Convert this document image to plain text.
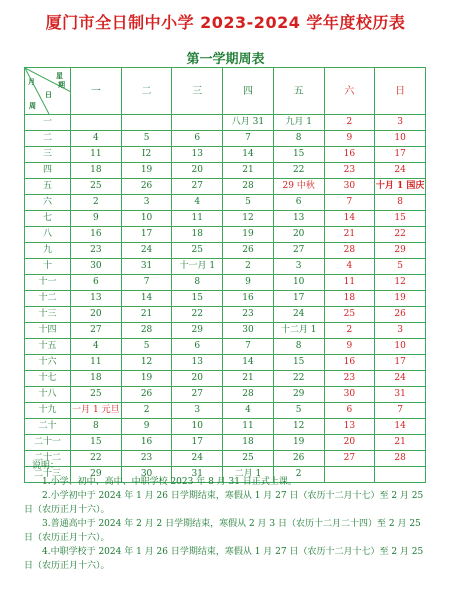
厦门市全日制中小学 2023-2024 学年度校历表
第一学期周表
月
星
期
日
周	一	二	三	四	五	六	日
一				八月 31	九月 1	2	3
二	4	5	6	7	8	9	10
三	11	Ⅰ2	13	14	15	16	17
四	18	19	20	21	22	23	24
五	25	26	27	28	29 中秋	30	十月 1 国庆
六	2	3	4	5	6	7	8
七	9	10	11	12	13	14	15
八	16	17	18	19	20	21	22
九	23	24	25	26	27	28	29
十	30	31	十一月 1	2	3	4	5
十一	6	7	8	9	10	11	12
十二	13	14	15	16	17	18	19
十三	20	21	22	23	24	25	26
十四	27	28	29	30	十二月 1	2	3
十五	4	5	6	7	8	9	10
十六	11	12	13	14	15	16	17
十七	18	19	20	21	22	23	24
十八	25	26	27	28	29	30	31
十九	一月 1 元旦	2	3	4	5	6	7
二十	8	9	10	11	12	13	14
二十一	15	16	17	18	19	20	21
二十二	22	23	24	25	26	27	28
二十三	29	30	31	二月 1	2		

说明：

1.小学、初中、高中、中职学校 2023 年 8 月 31 日正式上课。

2.小学初中于 2024 年 1 月 26 日学期结束，寒假从 1 月 27 日（农历十二月十七）至 2 月 25 日（农历正月十六）。

3.普通高中于 2024 年 2 月 2 日学期结束，寒假从 2 月 3 日（农历十二月二十四）至 2 月 25 日（农历正月十六）。

4.中职学校于 2024 年 1 月 26 日学期结束，寒假从 1 月 27 日（农历十二月十七）至 2 月 25 日（农历正月十六）。
